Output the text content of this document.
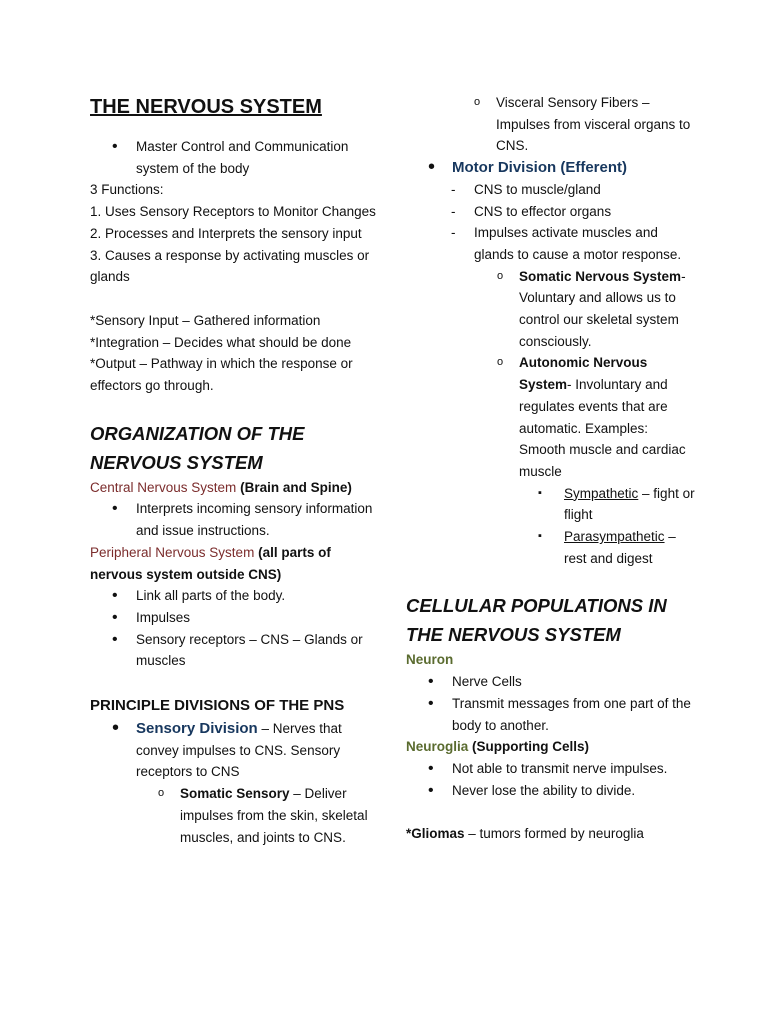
THE NERVOUS SYSTEM
• Master Control and Communication system of the body

3 Functions:

1. Uses Sensory Receptors to Monitor Changes

2. Processes and Interprets the sensory input

3. Causes a response by activating muscles or glands

*Sensory Input – Gathered information

*Integration – Decides what should be done

*Output – Pathway in which the response or effectors go through.

ORGANIZATION OF THE NERVOUS SYSTEM

Central Nervous System (Brain and Spine)

• Interprets incoming sensory information and issue instructions.

Peripheral Nervous System (all parts of nervous system outside CNS)

• Link all parts of the body.
• Impulses
• Sensory receptors – CNS – Glands or muscles
PRINCIPLE DIVISIONS OF THE PNS
• Sensory Division – Nerves that convey impulses to CNS. Sensory receptors to CNS
o Somatic Sensory – Deliver impulses from the skin, skeletal muscles, and joints to CNS.
o Visceral Sensory Fibers – Impulses from visceral organs to CNS.
• Motor Division (Efferent)
- CNS to muscle/gland
- CNS to effector organs
- Impulses activate muscles and glands to cause a motor response.
o Somatic Nervous System- Voluntary and allows us to control our skeletal system consciously.
o Autonomic Nervous System- Involuntary and regulates events that are automatic. Examples: Smooth muscle and cardiac muscle
▪ Sympathetic – fight or flight
▪ Parasympathetic – rest and digest
CELLULAR POPULATIONS IN THE NERVOUS SYSTEM

Neuron

• Nerve Cells
• Transmit messages from one part of the body to another.

Neuroglia (Supporting Cells)

• Not able to transmit nerve impulses.
• Never lose the ability to divide.

*Gliomas – tumors formed by neuroglia
